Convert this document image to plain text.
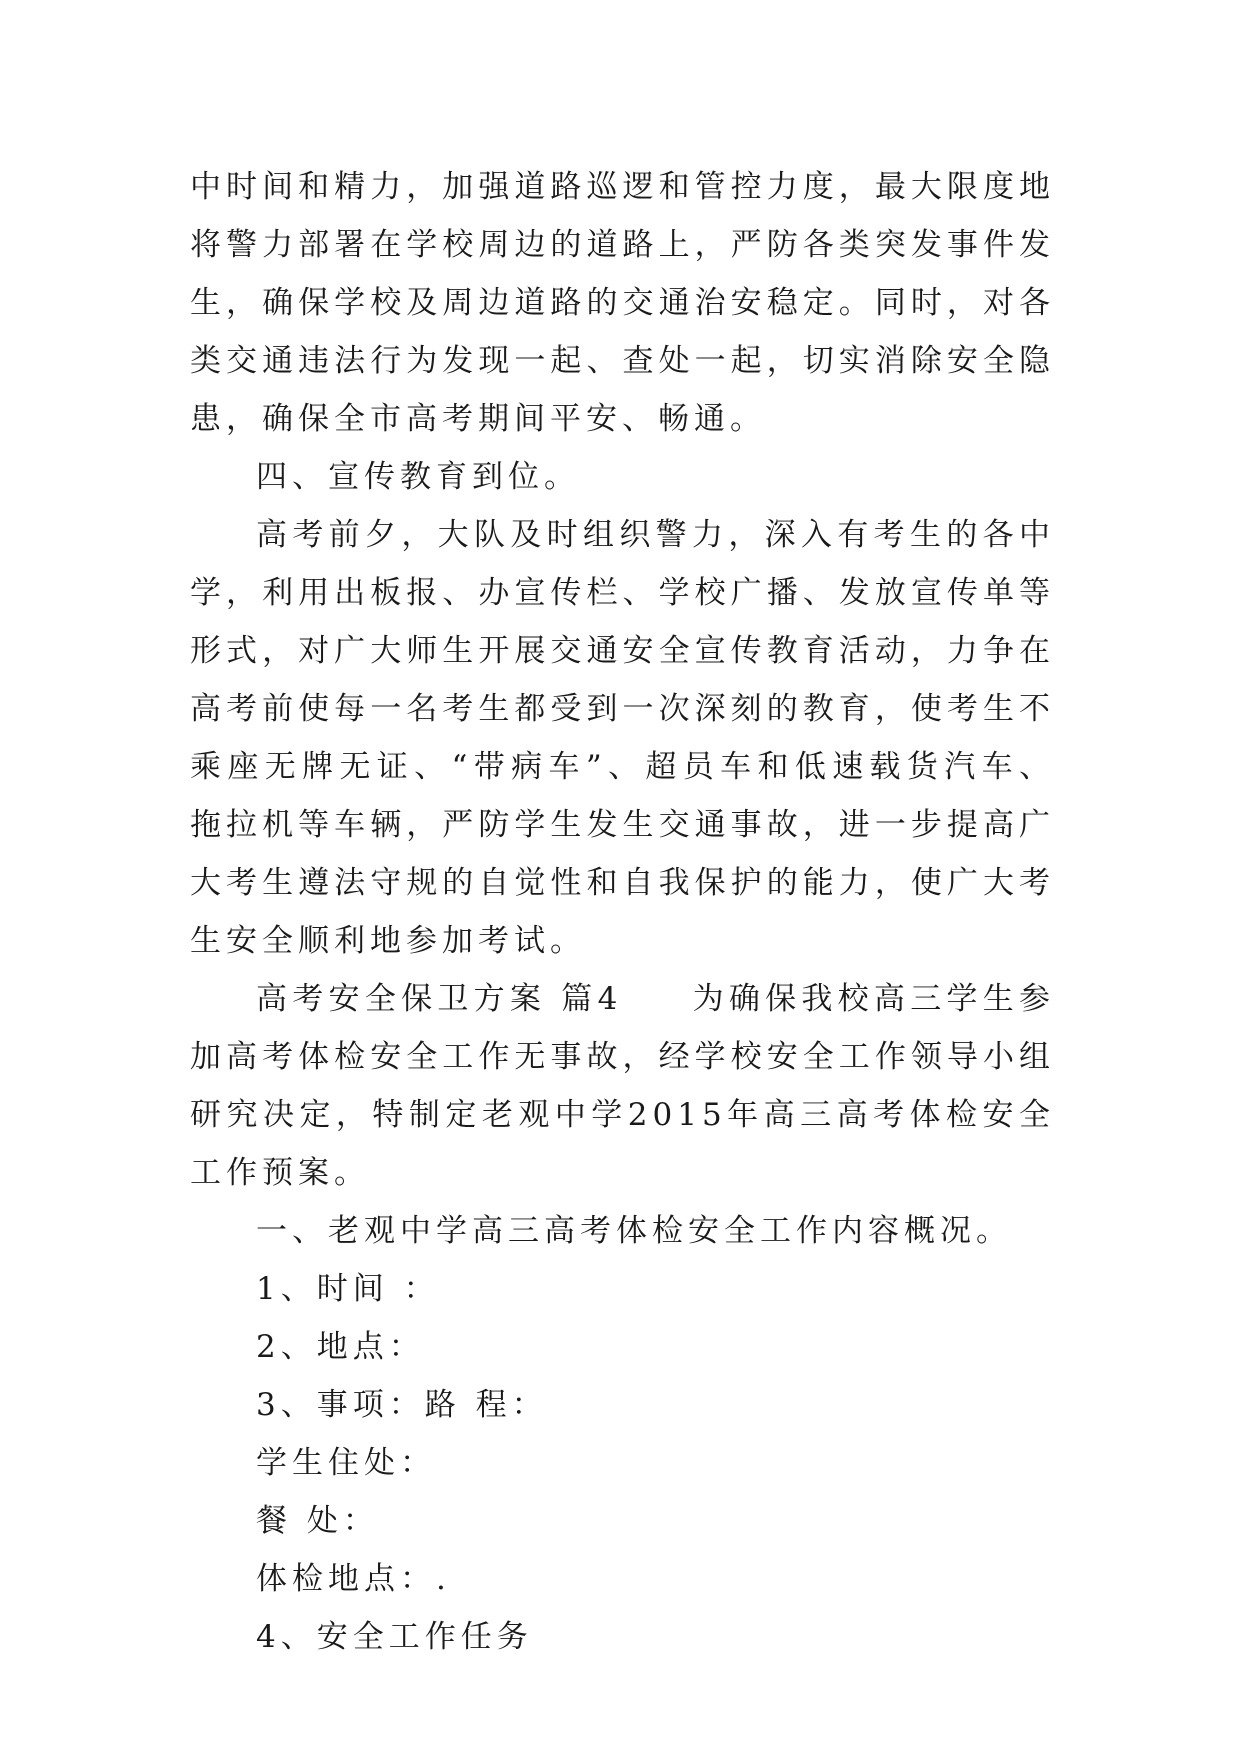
中时间和精力，加强道路巡逻和管控力度，最大限度地将警力部署在学校周边的道路上，严防各类突发事件发生，确保学校及周边道路的交通治安稳定。同时，对各类交通违法行为发现一起、查处一起，切实消除安全隐患，确保全市高考期间平安、畅通。

四、宣传教育到位。

高考前夕，大队及时组织警力，深入有考生的各中学，利用出板报、办宣传栏、学校广播、发放宣传单等形式，对广大师生开展交通安全宣传教育活动，力争在高考前使每一名考生都受到一次深刻的教育，使考生不乘座无牌无证、“带病车”、超员车和低速载货汽车、拖拉机等车辆，严防学生发生交通事故，进一步提高广大考生遵法守规的自觉性和自我保护的能力，使广大考生安全顺利地参加考试。

高考安全保卫方案 篇4 为确保我校高三学生参加高考体检安全工作无事故，经学校安全工作领导小组研究决定，特制定老观中学2015年高三高考体检安全工作预案。

一、老观中学高三高考体检安全工作内容概况。

1、时间 ：

2、地点：

3、事项：路 程：

学生住处：

餐 处：

体检地点：.

4、安全工作任务
